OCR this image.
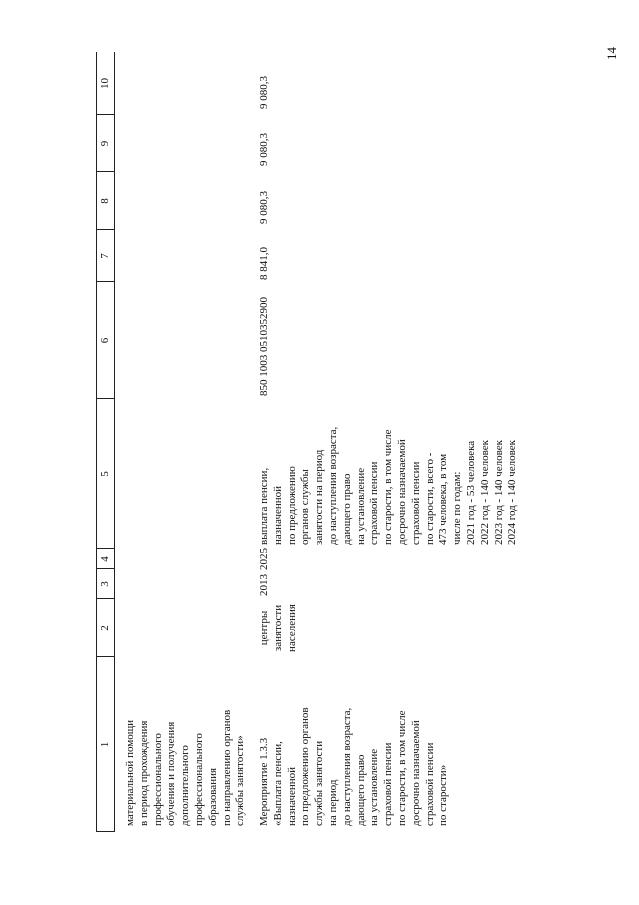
14
1
2
3
4
5
6
7
8
9
10
материальной помощи
в период прохождения
профессионального
обучения и получения
дополнительного
профессионального
образования
по направлению органов
службы занятости»
Мероприятие 1.3.3
«Выплата пенсии,
назначенной
по предложению органов
службы занятости
на период
до наступления возраста,
дающего право
на установление
страховой пенсии
по старости, в том числе
досрочно назначаемой
страховой пенсии
по старости»
центры
занятости
населения
2013
2025
выплата пенсии,
назначенной
по предложению
органов службы
занятости на период
до наступления возраста,
дающего право
на установление
страховой пенсии
по старости, в том числе
досрочно назначаемой
страховой пенсии
по старости, всего -
473 человека, в том
числе по годам:
2021 год - 53 человека
2022 год - 140 человек
2023 год - 140 человек
2024 год - 140 человек
850 1003 0510352900
8 841,0
9 080,3
9 080,3
9 080,3
